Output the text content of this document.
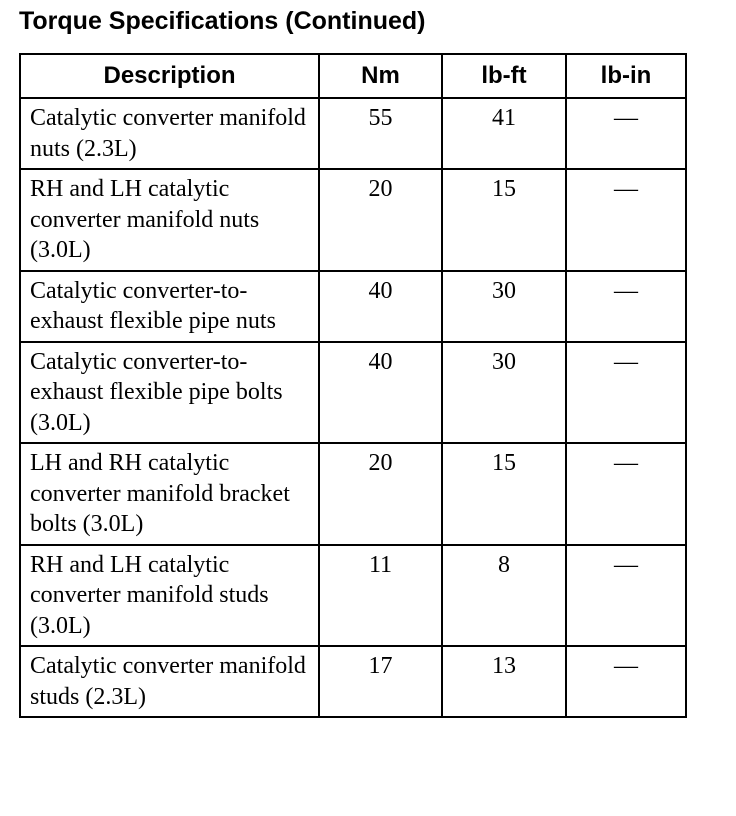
Torque Specifications (Continued)
Description	Nm	lb-ft	lb-in
Catalytic converter manifold nuts (2.3L)	55	41	—
RH and LH catalytic converter manifold nuts (3.0L)	20	15	—
Catalytic converter-to-exhaust flexible pipe nuts	40	30	—
Catalytic converter-to-exhaust flexible pipe bolts (3.0L)	40	30	—
LH and RH catalytic converter manifold bracket bolts (3.0L)	20	15	—
RH and LH catalytic converter manifold studs (3.0L)	11	8	—
Catalytic converter manifold studs (2.3L)	17	13	—
